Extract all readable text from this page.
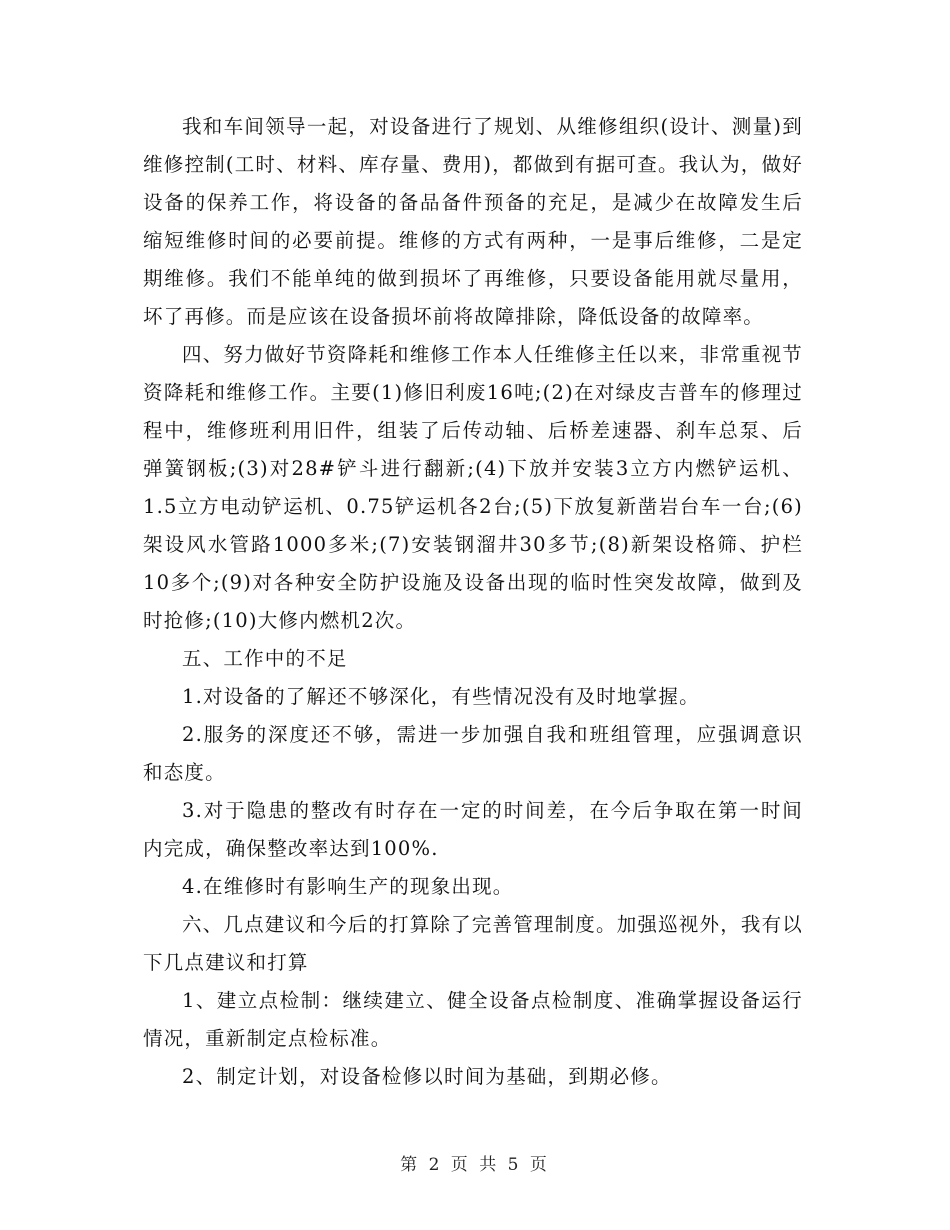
我和车间领导一起，对设备进行了规划、从维修组织(设计、测量)到维修控制(工时、材料、库存量、费用)，都做到有据可查。我认为，做好设备的保养工作，将设备的备品备件预备的充足，是减少在故障发生后缩短维修时间的必要前提。维修的方式有两种，一是事后维修，二是定期维修。我们不能单纯的做到损坏了再维修，只要设备能用就尽量用，坏了再修。而是应该在设备损坏前将故障排除，降低设备的故障率。

四、努力做好节资降耗和维修工作本人任维修主任以来，非常重视节资降耗和维修工作。主要(1)修旧利废16吨;(2)在对绿皮吉普车的修理过程中，维修班利用旧件，组装了后传动轴、后桥差速器、刹车总泵、后弹簧钢板;(3)对28#铲斗进行翻新;(4)下放并安装3立方内燃铲运机、1.5立方电动铲运机、0.75铲运机各2台;(5)下放复新凿岩台车一台;(6)架设风水管路1000多米;(7)安装钢溜井30多节;(8)新架设格筛、护栏10多个;(9)对各种安全防护设施及设备出现的临时性突发故障，做到及时抢修;(10)大修内燃机2次。

五、工作中的不足

1.对设备的了解还不够深化，有些情况没有及时地掌握。

2.服务的深度还不够，需进一步加强自我和班组管理，应强调意识和态度。

3.对于隐患的整改有时存在一定的时间差，在今后争取在第一时间内完成，确保整改率达到100%.

4.在维修时有影响生产的现象出现。

六、几点建议和今后的打算除了完善管理制度。加强巡视外，我有以下几点建议和打算

1、建立点检制：继续建立、健全设备点检制度、准确掌握设备运行情况，重新制定点检标准。

2、制定计划，对设备检修以时间为基础，到期必修。

第 2 页 共 5 页
